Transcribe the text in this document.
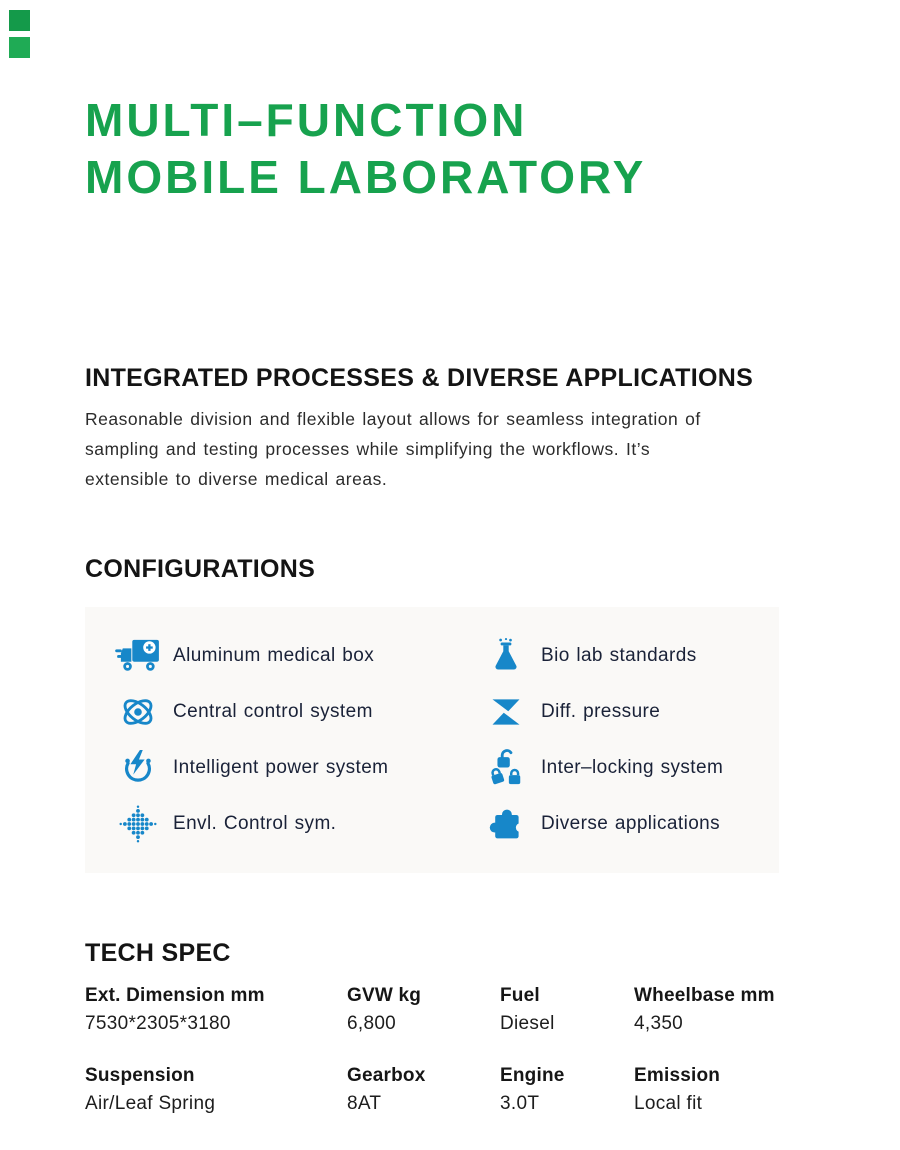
MULTI–FUNCTION
MOBILE LABORATORY
INTEGRATED PROCESSES & DIVERSE APPLICATIONS

Reasonable division and flexible layout allows for seamless integration of
sampling and testing processes while simplifying the workflows. It’s
extensible to diverse medical areas.

CONFIGURATIONS
Aluminum medical box
Central control system
Intelligent power system
Envl. Control sym.
Bio lab standards
Diff. pressure
Inter–locking system
Diverse applications
TECH SPEC
Ext. Dimension mm
7530*2305*3180
GVW kg
6,800
Fuel
Diesel
Wheelbase mm
4,350
Suspension
Air/Leaf Spring
Gearbox
8AT
Engine
3.0T
Emission
Local fit
